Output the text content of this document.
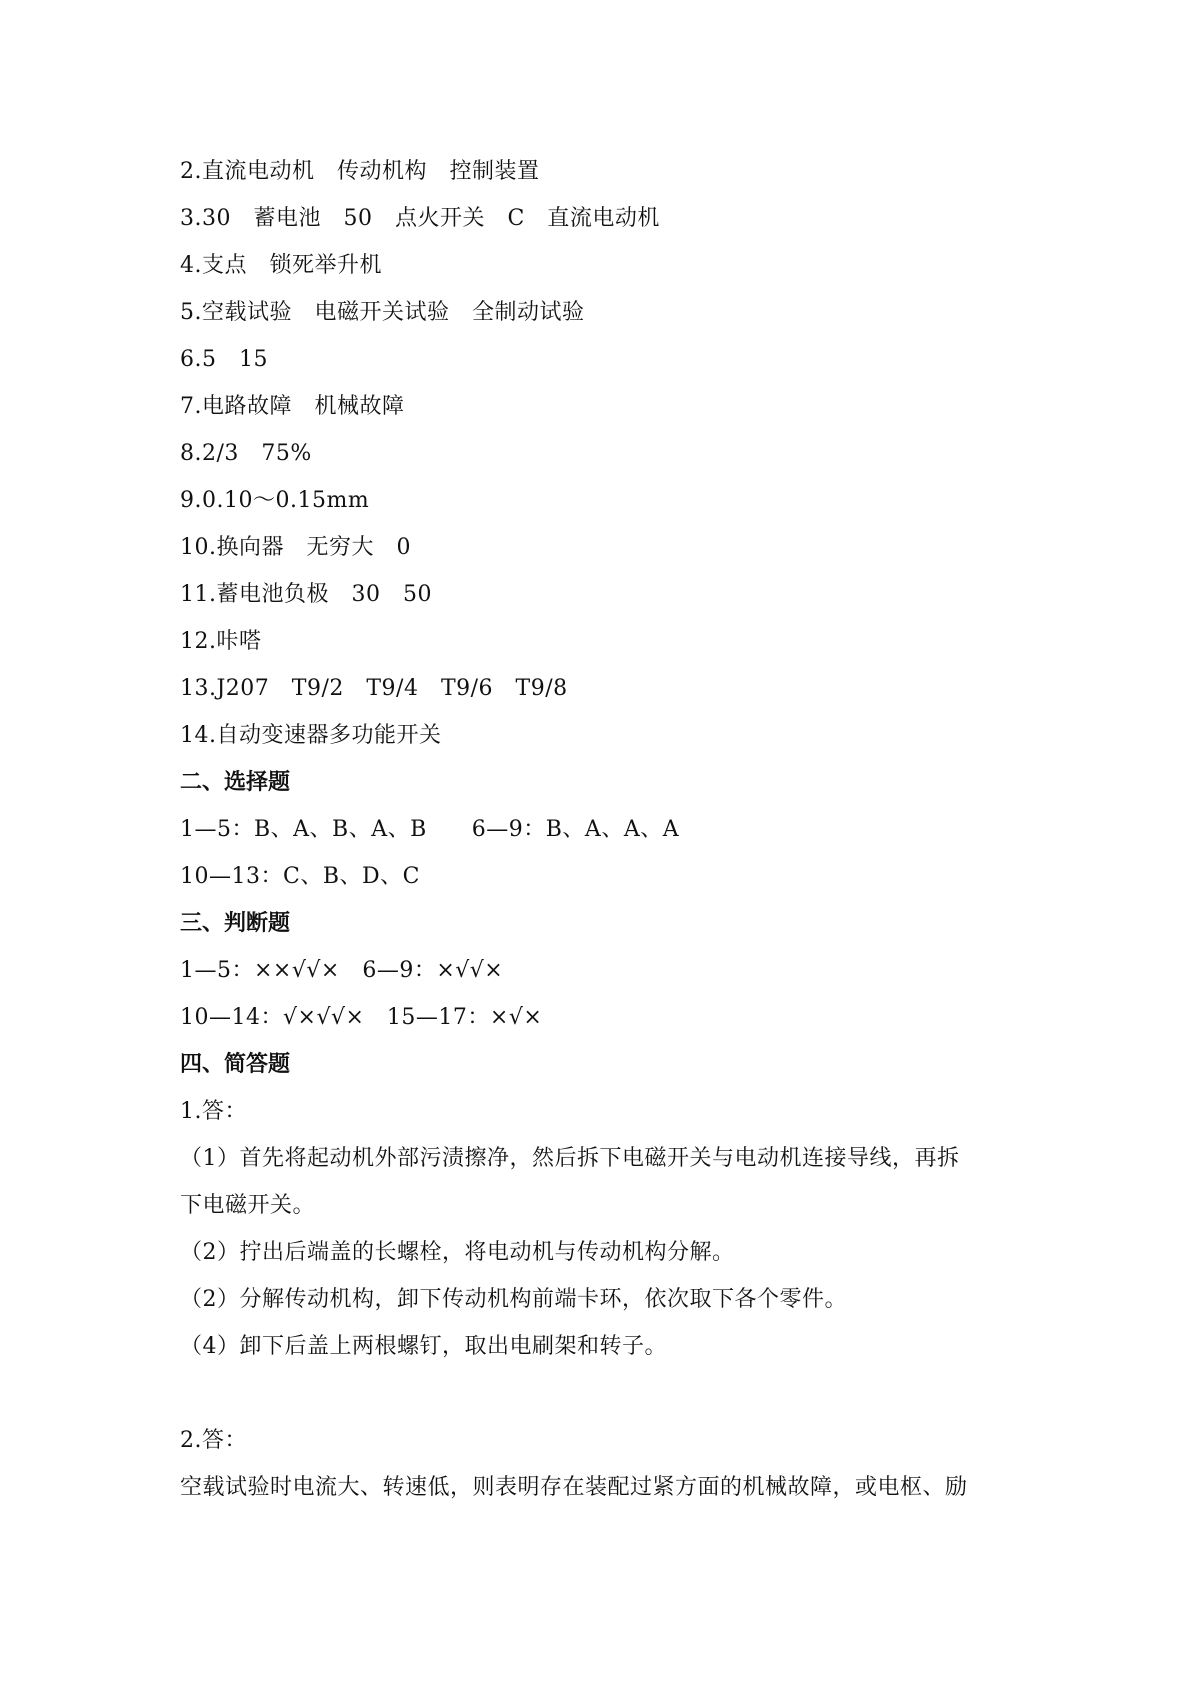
2.直流电动机　传动机构　控制装置
3.30　蓄电池　50　点火开关　C　直流电动机
4.支点　锁死举升机
5.空载试验　电磁开关试验　全制动试验
6.5　15
7.电路故障　机械故障
8.2/3　75%
9.0.10～0.15mm
10.换向器　无穷大　0
11.蓄电池负极　30　50
12.咔嗒
13.J207　T9/2　T9/4　T9/6　T9/8
14.自动变速器多功能开关
二、选择题
1—5：B、A、B、A、B　　6—9：B、A、A、A
10—13：C、B、D、C
三、判断题
1—5：××√√×　6—9：×√√×
10—14：√×√√×　15—17：×√×
四、简答题
1.答：
（1）首先将起动机外部污渍擦净，然后拆下电磁开关与电动机连接导线，再拆
下电磁开关。
（2）拧出后端盖的长螺栓，将电动机与传动机构分解。
（2）分解传动机构，卸下传动机构前端卡环，依次取下各个零件。
（4）卸下后盖上两根螺钉，取出电刷架和转子。
2.答：
空载试验时电流大、转速低，则表明存在装配过紧方面的机械故障，或电枢、励
